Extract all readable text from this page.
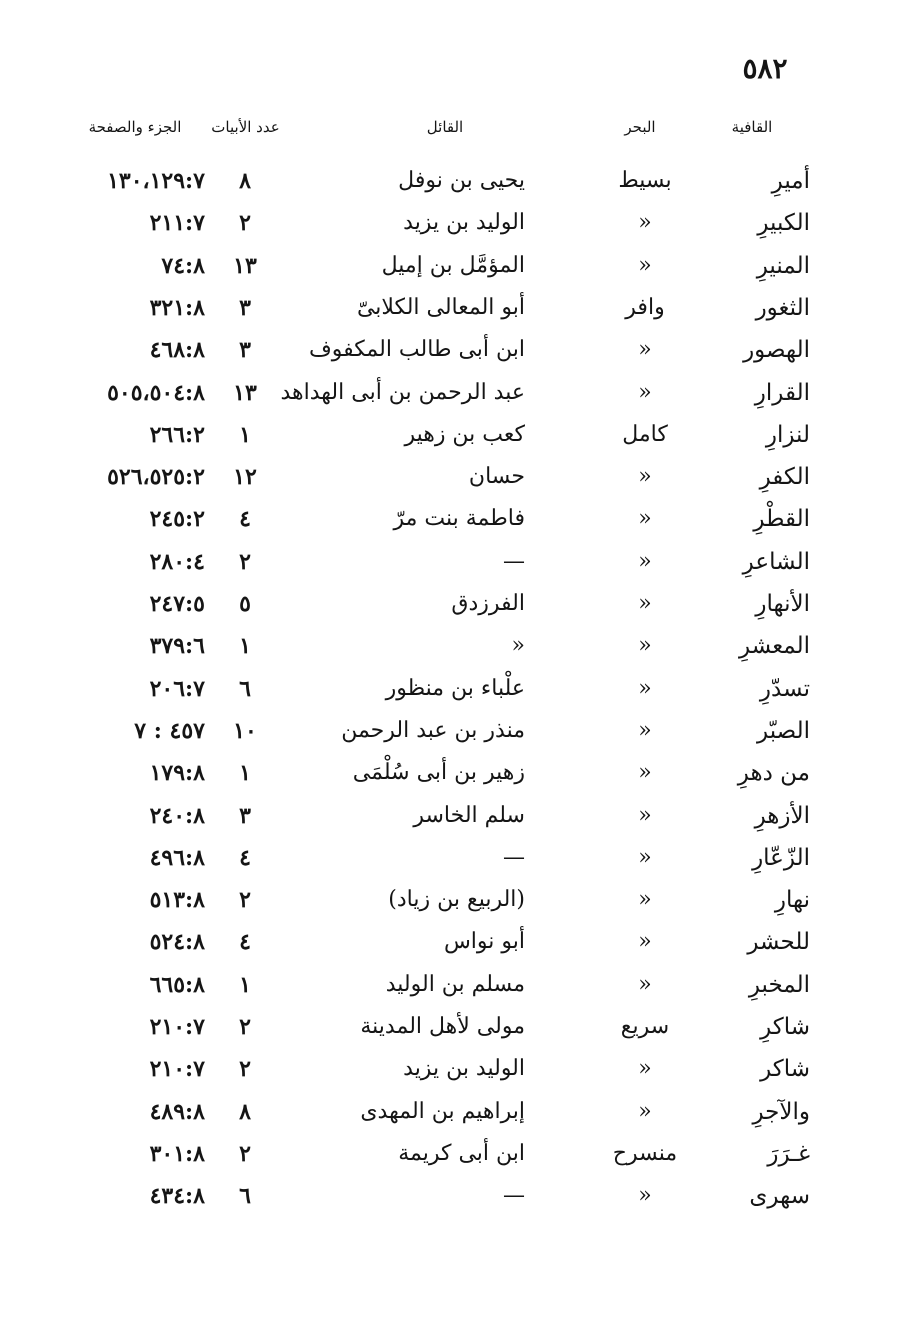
٥٨٢
القافية
البحر
القائل
عدد الأبيات
الجزء والصفحة
أميرِ
بسيط
يحيى بن نوفل
٨
١٣٠،١٢٩:٧
الكبيرِ
«
الوليد بن يزيد
٢
٢١١:٧
المنيرِ
«
المؤمَّل بن إميل
١٣
٧٤:٨
الثغور
وافر
أبو المعالى الكلابىّ
٣
٣٢١:٨
الهصور
«
ابن أبى طالب المكفوف
٣
٤٦٨:٨
القرارِ
«
عبد الرحمن بن أبى الهداهد
١٣
٥٠٥،٥٠٤:٨
لنزارِ
كامل
كعب بن زهير
١
٢٦٦:٢
الكفرِ
«
حسان
١٢
٥٢٦،٥٢٥:٢
القطْرِ
«
فاطمة بنت مرّ
٤
٢٤٥:٢
الشاعرِ
«
—
٢
٢٨٠:٤
الأنهارِ
«
الفرزدق
٥
٢٤٧:٥
المعشرِ
«
«
١
٣٧٩:٦
تسدّرِ
«
علْباء بن منظور
٦
٢٠٦:٧
الصبّر
«
منذر بن عبد الرحمن
١٠
٤٥٧ : ٧
من دهرِ
«
زهير بن أبى سُلْمَى
١
١٧٩:٨
الأزهرِ
«
سلم الخاسر
٣
٢٤٠:٨
الزّعّارِ
«
—
٤
٤٩٦:٨
نهارِ
«
(الربيع بن زياد)
٢
٥١٣:٨
للحشر
«
أبو نواس
٤
٥٢٤:٨
المخبرِ
«
مسلم بن الوليد
١
٦٦٥:٨
شاكرِ
سريع
مولى لأهل المدينة
٢
٢١٠:٧
شاكر
«
الوليد بن يزيد
٢
٢١٠:٧
والآجرِ
«
إبراهيم بن المهدى
٨
٤٨٩:٨
غـرَرَ
منسرح
ابن أبى كريمة
٢
٣٠١:٨
سهرى
«
—
٦
٤٣٤:٨
